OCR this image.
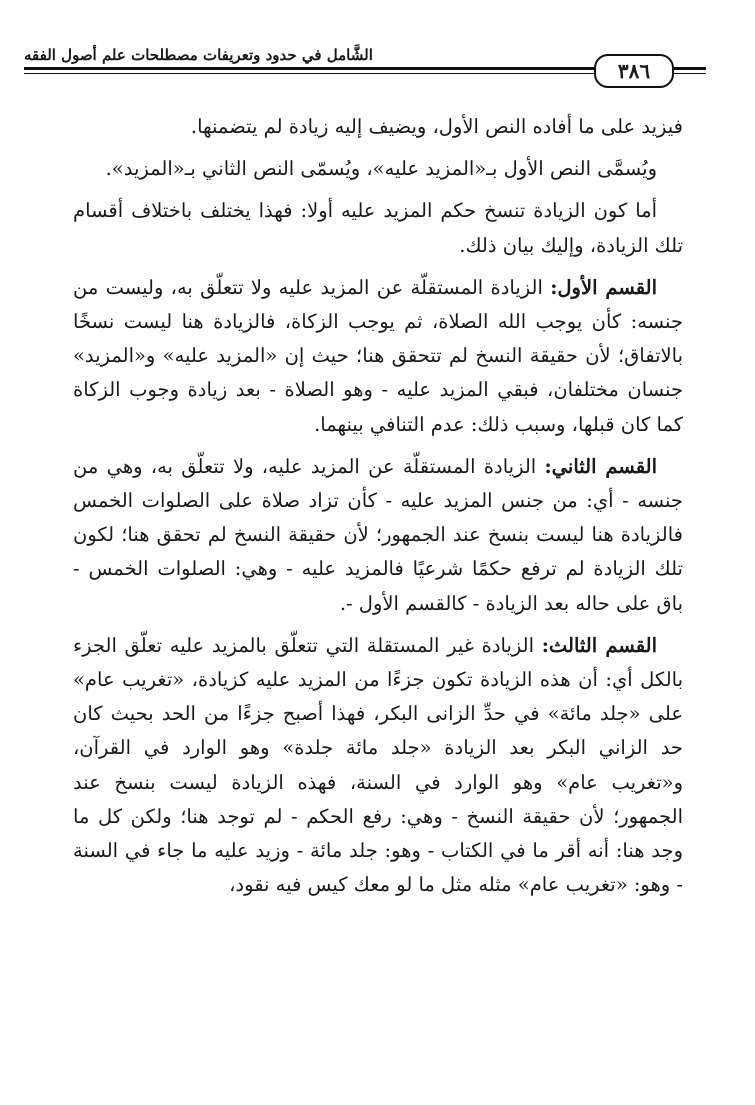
الشَّامل في حدود وتعريفات مصطلحات علم أصول الفقه
٣٨٦

فيزيد على ما أفاده النص الأول، ويضيف إليه زيادة لم يتضمنها.

ويُسمَّى النص الأول بـ«المزيد عليه»، ويُسمّى النص الثاني بـ«المزيد».

أما كون الزيادة تنسخ حكم المزيد عليه أولا: فهذا يختلف باختلاف أقسام تلك الزيادة، وإليك بيان ذلك.

القسم الأول: الزيادة المستقلّة عن المزيد عليه ولا تتعلّق به، وليست من جنسه: كأن يوجب الله الصلاة، ثم يوجب الزكاة، فالزيادة هنا ليست نسخًا بالاتفاق؛ لأن حقيقة النسخ لم تتحقق هنا؛ حيث إن «المزيد عليه» و«المزيد» جنسان مختلفان، فبقي المزيد عليه - وهو الصلاة - بعد زيادة وجوب الزكاة كما كان قبلها، وسبب ذلك: عدم التنافي بينهما.

القسم الثاني: الزيادة المستقلّة عن المزيد عليه، ولا تتعلّق به، وهي من جنسه - أي: من جنس المزيد عليه - كأن تزاد صلاة على الصلوات الخمس فالزيادة هنا ليست بنسخ عند الجمهور؛ لأن حقيقة النسخ لم تحقق هنا؛ لكون تلك الزيادة لم ترفع حكمًا شرعيًا فالمزيد عليه - وهي: الصلوات الخمس - باق على حاله بعد الزيادة - كالقسم الأول -.

القسم الثالث: الزيادة غير المستقلة التي تتعلّق بالمزيد عليه تعلّق الجزء بالكل أي: أن هذه الزيادة تكون جزءًا من المزيد عليه كزيادة، «تغريب عام» على «جلد مائة» في حدِّ الزانى البكر، فهذا أصبح جزءًا من الحد بحيث كان حد الزاني البكر بعد الزيادة «جلد مائة جلدة» وهو الوارد في القرآن، و«تغريب عام» وهو الوارد في السنة، فهذه الزيادة ليست بنسخ عند الجمهور؛ لأن حقيقة النسخ - وهي: رفع الحكم - لم توجد هنا؛ ولكن كل ما وجد هنا: أنه أقر ما في الكتاب - وهو: جلد مائة - وزيد عليه ما جاء في السنة - وهو: «تغريب عام» مثله مثل ما لو معك كيس فيه نقود،
